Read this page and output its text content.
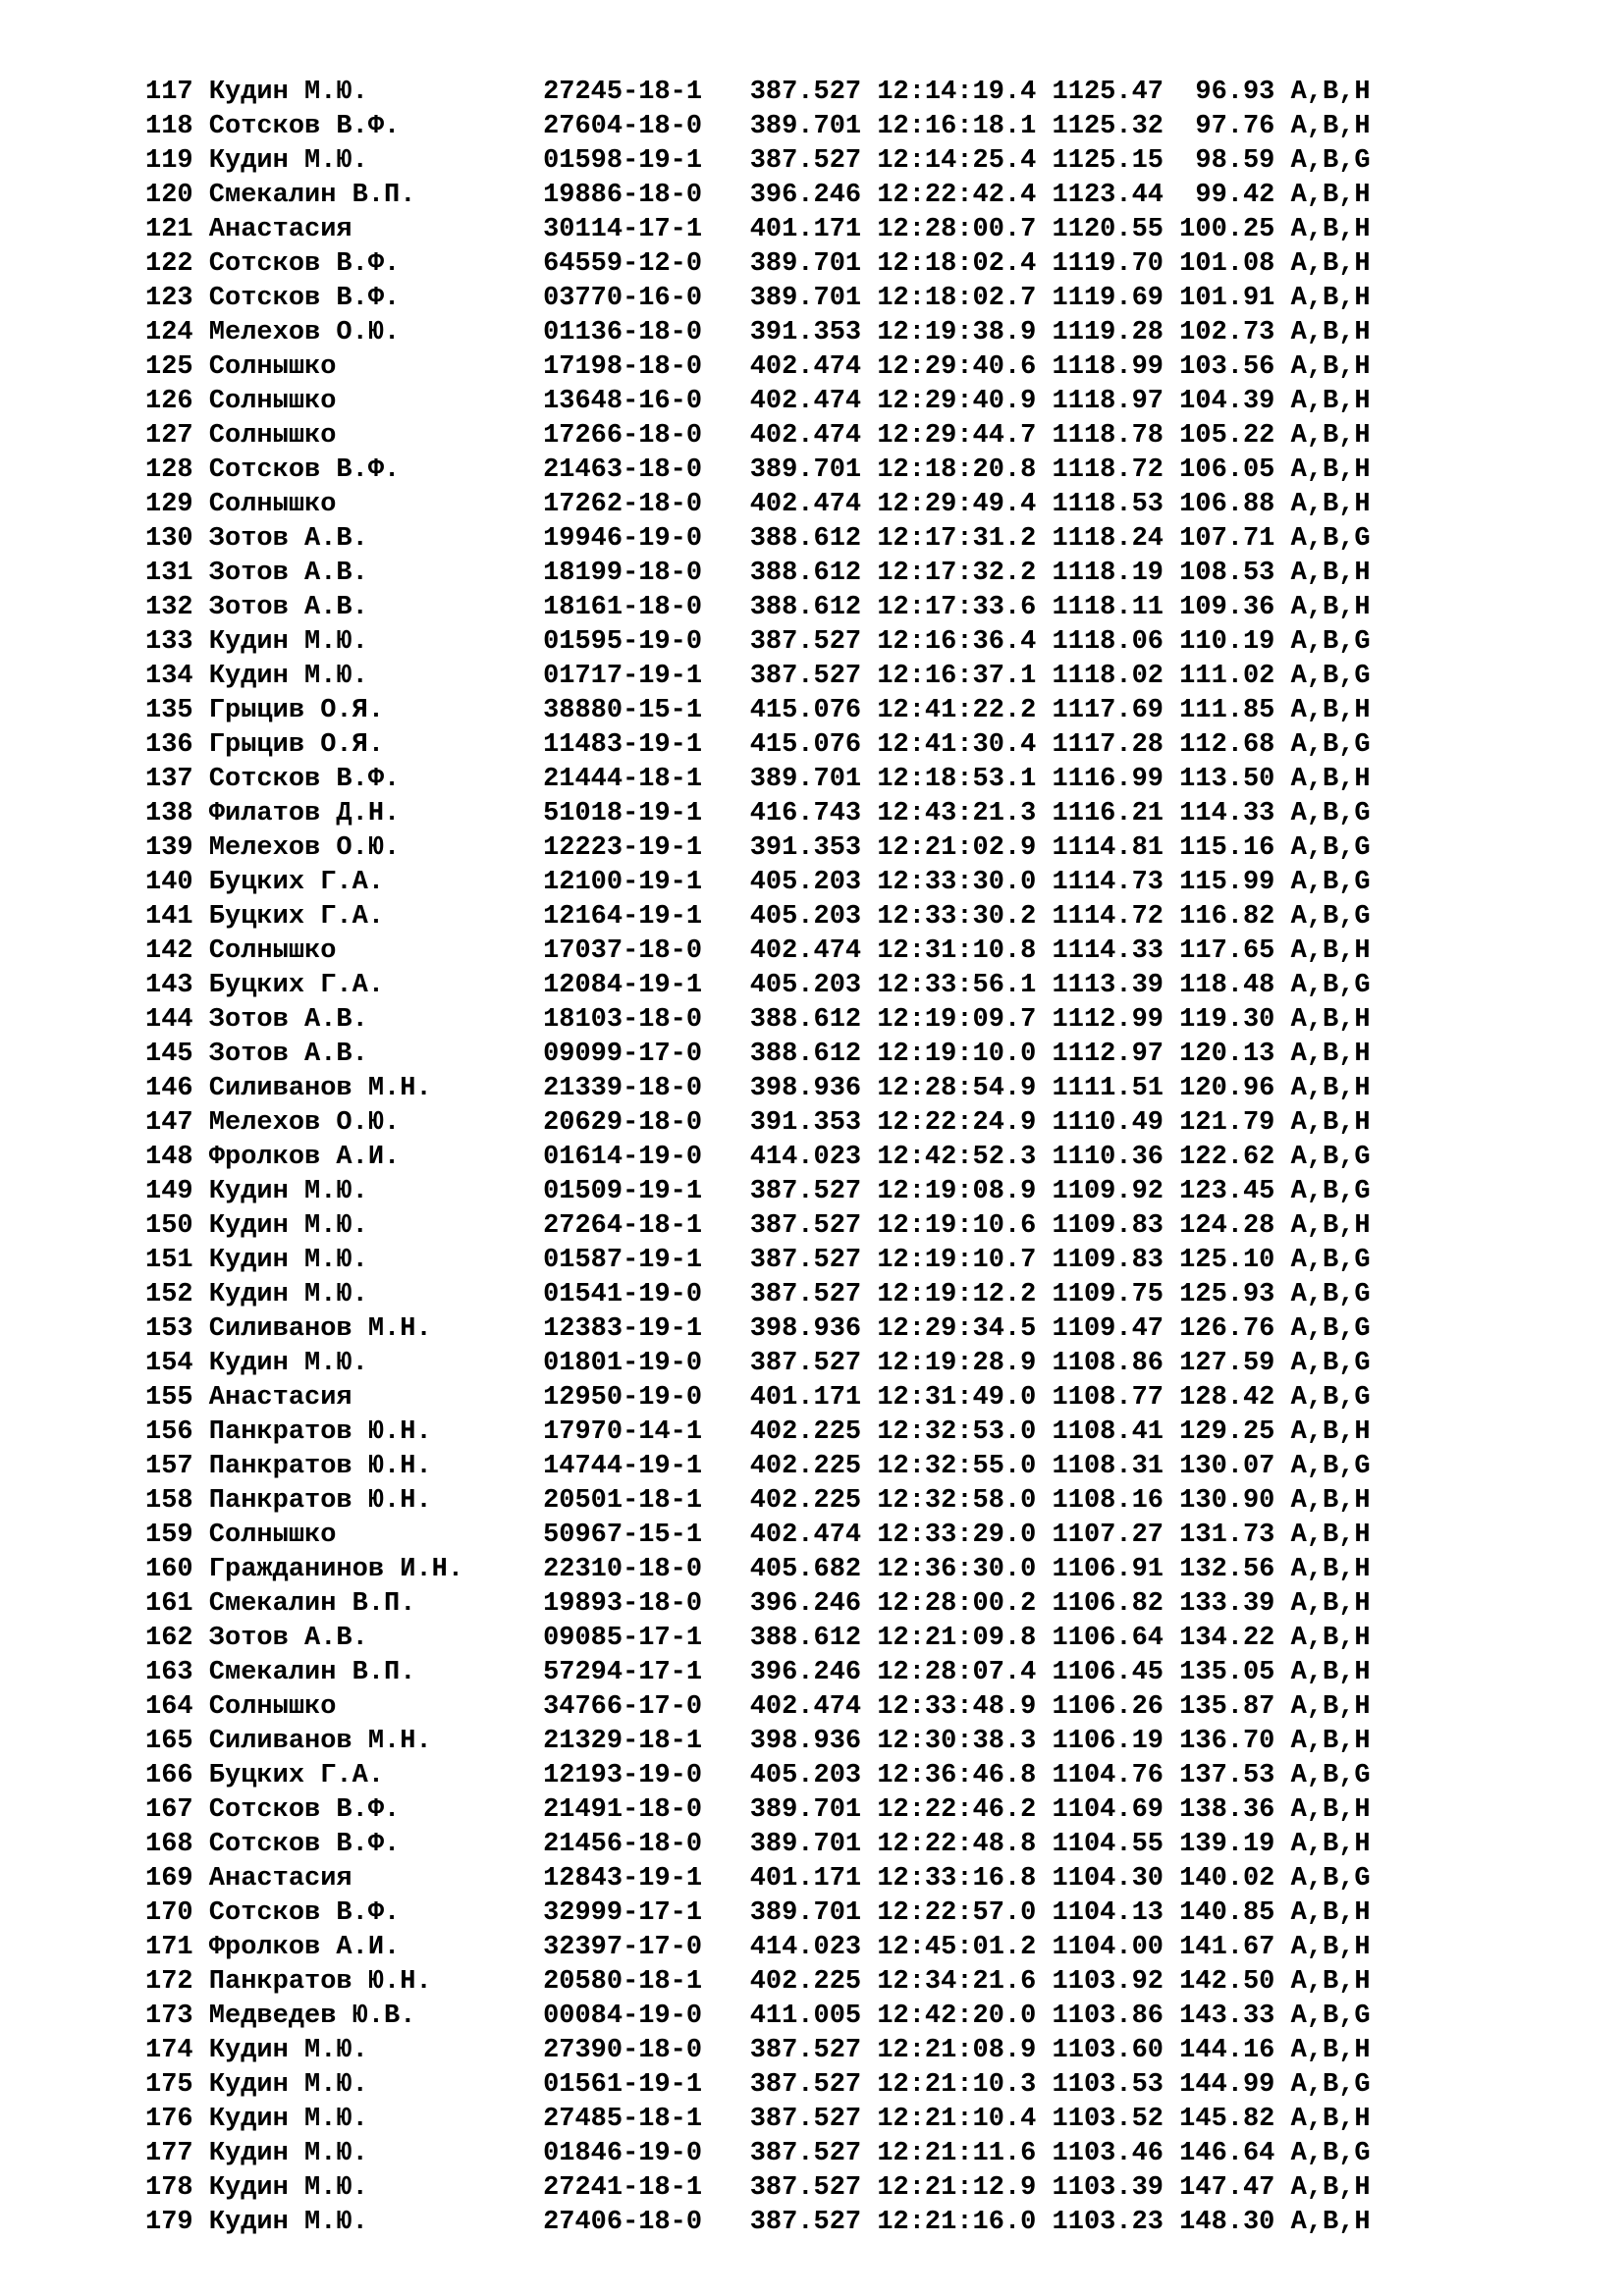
117 Кудин М.Ю.           27245-18-1   387.527 12:14:19.4 1125.47  96.93 A,B,H
118 Сотсков В.Ф.         27604-18-0   389.701 12:16:18.1 1125.32  97.76 A,B,H
119 Кудин М.Ю.           01598-19-1   387.527 12:14:25.4 1125.15  98.59 A,B,G
120 Смекалин В.П.        19886-18-0   396.246 12:22:42.4 1123.44  99.42 A,B,H
121 Анастасия            30114-17-1   401.171 12:28:00.7 1120.55 100.25 A,B,H
122 Сотсков В.Ф.         64559-12-0   389.701 12:18:02.4 1119.70 101.08 A,B,H
123 Сотсков В.Ф.         03770-16-0   389.701 12:18:02.7 1119.69 101.91 A,B,H
124 Мелехов О.Ю.         01136-18-0   391.353 12:19:38.9 1119.28 102.73 A,B,H
125 Солнышко             17198-18-0   402.474 12:29:40.6 1118.99 103.56 A,B,H
126 Солнышко             13648-16-0   402.474 12:29:40.9 1118.97 104.39 A,B,H
127 Солнышко             17266-18-0   402.474 12:29:44.7 1118.78 105.22 A,B,H
128 Сотсков В.Ф.         21463-18-0   389.701 12:18:20.8 1118.72 106.05 A,B,H
129 Солнышко             17262-18-0   402.474 12:29:49.4 1118.53 106.88 A,B,H
130 Зотов А.В.           19946-19-0   388.612 12:17:31.2 1118.24 107.71 A,B,G
131 Зотов А.В.           18199-18-0   388.612 12:17:32.2 1118.19 108.53 A,B,H
132 Зотов А.В.           18161-18-0   388.612 12:17:33.6 1118.11 109.36 A,B,H
133 Кудин М.Ю.           01595-19-0   387.527 12:16:36.4 1118.06 110.19 A,B,G
134 Кудин М.Ю.           01717-19-1   387.527 12:16:37.1 1118.02 111.02 A,B,G
135 Грыцив О.Я.          38880-15-1   415.076 12:41:22.2 1117.69 111.85 A,B,H
136 Грыцив О.Я.          11483-19-1   415.076 12:41:30.4 1117.28 112.68 A,B,G
137 Сотсков В.Ф.         21444-18-1   389.701 12:18:53.1 1116.99 113.50 A,B,H
138 Филатов Д.Н.         51018-19-1   416.743 12:43:21.3 1116.21 114.33 A,B,G
139 Мелехов О.Ю.         12223-19-1   391.353 12:21:02.9 1114.81 115.16 A,B,G
140 Буцких Г.А.          12100-19-1   405.203 12:33:30.0 1114.73 115.99 A,B,G
141 Буцких Г.А.          12164-19-1   405.203 12:33:30.2 1114.72 116.82 A,B,G
142 Солнышко             17037-18-0   402.474 12:31:10.8 1114.33 117.65 A,B,H
143 Буцких Г.А.          12084-19-1   405.203 12:33:56.1 1113.39 118.48 A,B,G
144 Зотов А.В.           18103-18-0   388.612 12:19:09.7 1112.99 119.30 A,B,H
145 Зотов А.В.           09099-17-0   388.612 12:19:10.0 1112.97 120.13 A,B,H
146 Силиванов М.Н.       21339-18-0   398.936 12:28:54.9 1111.51 120.96 A,B,H
147 Мелехов О.Ю.         20629-18-0   391.353 12:22:24.9 1110.49 121.79 A,B,H
148 Фролков А.И.         01614-19-0   414.023 12:42:52.3 1110.36 122.62 A,B,G
149 Кудин М.Ю.           01509-19-1   387.527 12:19:08.9 1109.92 123.45 A,B,G
150 Кудин М.Ю.           27264-18-1   387.527 12:19:10.6 1109.83 124.28 A,B,H
151 Кудин М.Ю.           01587-19-1   387.527 12:19:10.7 1109.83 125.10 A,B,G
152 Кудин М.Ю.           01541-19-0   387.527 12:19:12.2 1109.75 125.93 A,B,G
153 Силиванов М.Н.       12383-19-1   398.936 12:29:34.5 1109.47 126.76 A,B,G
154 Кудин М.Ю.           01801-19-0   387.527 12:19:28.9 1108.86 127.59 A,B,G
155 Анастасия            12950-19-0   401.171 12:31:49.0 1108.77 128.42 A,B,G
156 Панкратов Ю.Н.       17970-14-1   402.225 12:32:53.0 1108.41 129.25 A,B,H
157 Панкратов Ю.Н.       14744-19-1   402.225 12:32:55.0 1108.31 130.07 A,B,G
158 Панкратов Ю.Н.       20501-18-1   402.225 12:32:58.0 1108.16 130.90 A,B,H
159 Солнышко             50967-15-1   402.474 12:33:29.0 1107.27 131.73 A,B,H
160 Гражданинов И.Н.     22310-18-0   405.682 12:36:30.0 1106.91 132.56 A,B,H
161 Смекалин В.П.        19893-18-0   396.246 12:28:00.2 1106.82 133.39 A,B,H
162 Зотов А.В.           09085-17-1   388.612 12:21:09.8 1106.64 134.22 A,B,H
163 Смекалин В.П.        57294-17-1   396.246 12:28:07.4 1106.45 135.05 A,B,H
164 Солнышко             34766-17-0   402.474 12:33:48.9 1106.26 135.87 A,B,H
165 Силиванов М.Н.       21329-18-1   398.936 12:30:38.3 1106.19 136.70 A,B,H
166 Буцких Г.А.          12193-19-0   405.203 12:36:46.8 1104.76 137.53 A,B,G
167 Сотсков В.Ф.         21491-18-0   389.701 12:22:46.2 1104.69 138.36 A,B,H
168 Сотсков В.Ф.         21456-18-0   389.701 12:22:48.8 1104.55 139.19 A,B,H
169 Анастасия            12843-19-1   401.171 12:33:16.8 1104.30 140.02 A,B,G
170 Сотсков В.Ф.         32999-17-1   389.701 12:22:57.0 1104.13 140.85 A,B,H
171 Фролков А.И.         32397-17-0   414.023 12:45:01.2 1104.00 141.67 A,B,H
172 Панкратов Ю.Н.       20580-18-1   402.225 12:34:21.6 1103.92 142.50 A,B,H
173 Медведев Ю.В.        00084-19-0   411.005 12:42:20.0 1103.86 143.33 A,B,G
174 Кудин М.Ю.           27390-18-0   387.527 12:21:08.9 1103.60 144.16 A,B,H
175 Кудин М.Ю.           01561-19-1   387.527 12:21:10.3 1103.53 144.99 A,B,G
176 Кудин М.Ю.           27485-18-1   387.527 12:21:10.4 1103.52 145.82 A,B,H
177 Кудин М.Ю.           01846-19-0   387.527 12:21:11.6 1103.46 146.64 A,B,G
178 Кудин М.Ю.           27241-18-1   387.527 12:21:12.9 1103.39 147.47 A,B,H
179 Кудин М.Ю.           27406-18-0   387.527 12:21:16.0 1103.23 148.30 A,B,H
